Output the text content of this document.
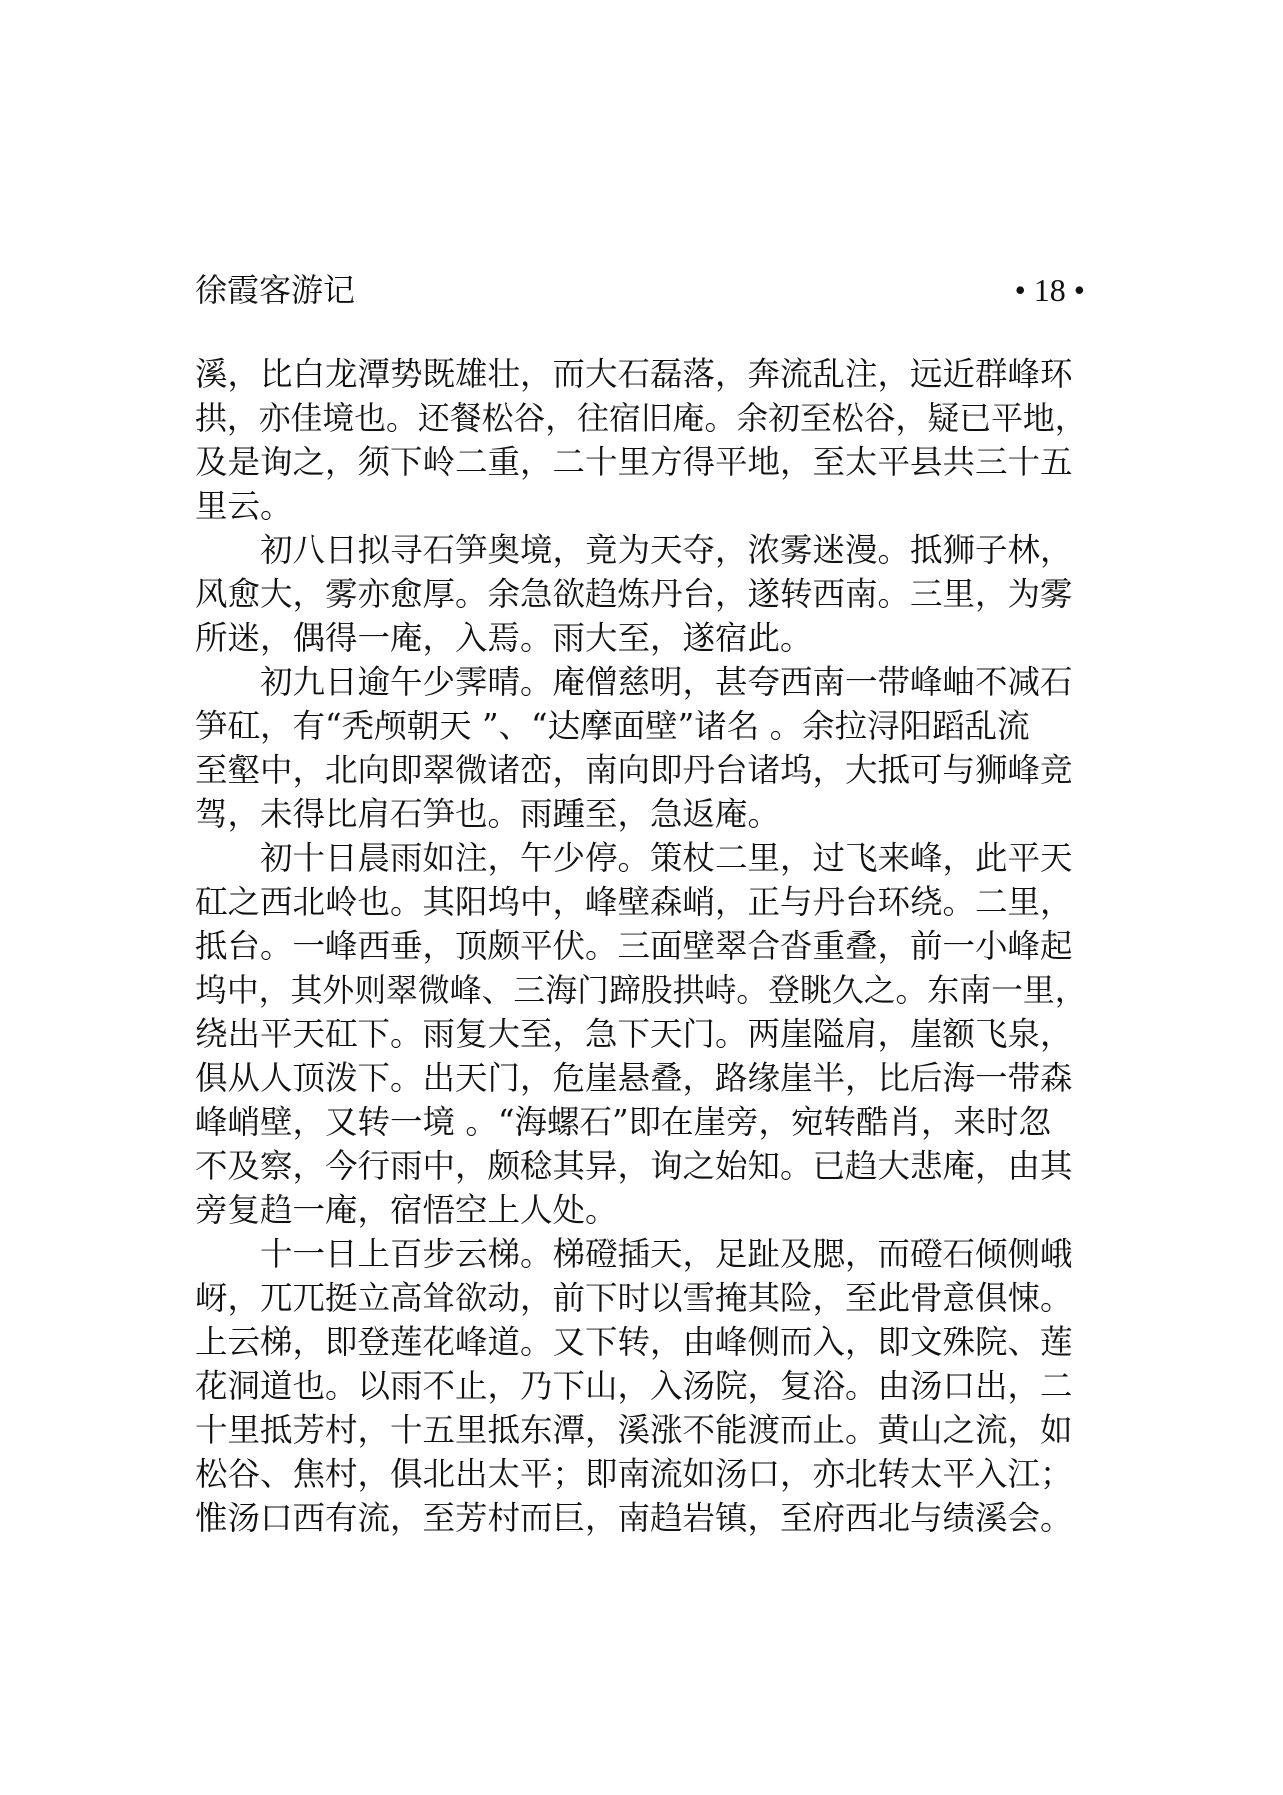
徐霞客游记	• 18 •
溪，比白龙潭势既雄壮，而大石磊落，奔流乱注，远近群峰环
拱，亦佳境也。还餐松谷，往宿旧庵。余初至松谷，疑已平地，
及是询之，须下岭二重，二十里方得平地，至太平县共三十五
里云。
初八日拟寻石笋奥境，竟为天夺，浓雾迷漫。抵狮子林，
风愈大，雾亦愈厚。余急欲趋炼丹台，遂转西南。三里，为雾
所迷，偶得一庵，入焉。雨大至，遂宿此。
初九日逾午少霁晴。庵僧慈明，甚夸西南一带峰岫不减石
笋矼，有“秃颅朝天 ”、“达摩面壁”诸名 。余拉浔阳蹈乱流
至壑中，北向即翠微诸峦，南向即丹台诸坞，大抵可与狮峰竞
驾，未得比肩石笋也。雨踵至，急返庵。
初十日晨雨如注，午少停。策杖二里，过飞来峰，此平天
矼之西北岭也。其阳坞中，峰壁森峭，正与丹台环绕。二里，
抵台。一峰西垂，顶颇平伏。三面壁翠合沓重叠，前一小峰起
坞中，其外则翠微峰、三海门蹄股拱峙。登眺久之。东南一里，
绕出平天矼下。雨复大至，急下天门。两崖隘肩，崖额飞泉，
俱从人顶泼下。出天门，危崖悬叠，路缘崖半，比后海一带森
峰峭壁，又转一境 。“海螺石”即在崖旁，宛转酷肖，来时忽
不及察，今行雨中，颇稔其异，询之始知。已趋大悲庵，由其
旁复趋一庵，宿悟空上人处。
十一日上百步云梯。梯磴插天，足趾及腮，而磴石倾侧峨
岈，兀兀挺立高耸欲动，前下时以雪掩其险，至此骨意俱悚。
上云梯，即登莲花峰道。又下转，由峰侧而入，即文殊院、莲
花洞道也。以雨不止，乃下山，入汤院，复浴。由汤口出，二
十里抵芳村，十五里抵东潭，溪涨不能渡而止。黄山之流，如
松谷、焦村，俱北出太平；即南流如汤口，亦北转太平入江；
惟汤口西有流，至芳村而巨，南趋岩镇，至府西北与绩溪会。
